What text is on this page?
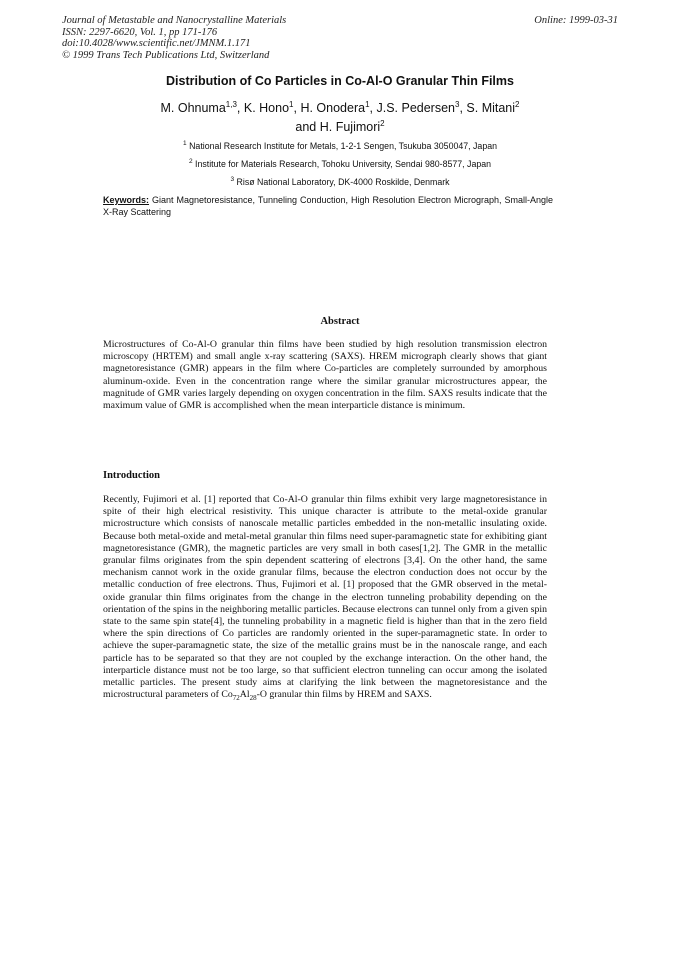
Journal of Metastable and Nanocrystalline Materials
ISSN: 2297-6620, Vol. 1, pp 171-176
doi:10.4028/www.scientific.net/JMNM.1.171
© 1999 Trans Tech Publications Ltd, Switzerland
Online: 1999-03-31
Distribution of Co Particles in Co-Al-O Granular Thin Films
M. Ohnuma$^{1,3}$, K. Hono$^1$, H. Onodera$^1$, J.S. Pedersen$^3$, S. Mitani$^2$
and H. Fujimori$^2$
$^1$ National Research Institute for Metals, 1-2-1 Sengen, Tsukuba 3050047, Japan
$^2$ Institute for Materials Research, Tohoku University, Sendai 980-8577, Japan
$^3$ Risø National Laboratory, DK-4000 Roskilde, Denmark
Keywords: Giant Magnetoresistance, Tunneling Conduction, High Resolution Electron Micrograph, Small-Angle X-Ray Scattering
Abstract
Microstructures of Co-Al-O granular thin films have been studied by high resolution transmission electron microscopy (HRTEM) and small angle x-ray scattering (SAXS). HREM micrograph clearly shows that giant magnetoresistance (GMR) appears in the film where Co-particles are completely surrounded by amorphous aluminum-oxide. Even in the concentration range where the similar granular microstructures appear, the magnitude of GMR varies largely depending on oxygen concentration in the film. SAXS results indicate that the maximum value of GMR is accomplished when the mean interparticle distance is minimum.
Introduction
Recently, Fujimori et al. [1] reported that Co-Al-O granular thin films exhibit very large magnetoresistance in spite of their high electrical resistivity. This unique character is attribute to the metal-oxide granular microstructure which consists of nanoscale metallic particles embedded in the non-metallic insulating oxide. Because both metal-oxide and metal-metal granular thin films need super-paramagnetic state for exhibiting giant magnetoresistance (GMR), the magnetic particles are very small in both cases[1,2]. The GMR in the metallic granular films originates from the spin dependent scattering of electrons [3,4]. On the other hand, the same mechanism cannot work in the oxide granular films, because the electron conduction does not occur by the metallic conduction of free electrons. Thus, Fujimori et al. [1] proposed that the GMR observed in the metal-oxide granular thin films originates from the change in the electron tunneling probability depending on the orientation of the spins in the neighboring metallic particles. Because electrons can tunnel only from a given spin state to the same spin state[4], the tunneling probability in a magnetic field is higher than that in the zero field where the spin directions of Co particles are randomly oriented in the super-paramagnetic state. In order to achieve the super-paramagnetic state, the size of the metallic grains must be in the nanoscale range, and each particle has to be separated so that they are not coupled by the exchange interaction. On the other hand, the interparticle distance must not be too large, so that sufficient electron tunneling can occur among the isolated metallic particles. The present study aims at clarifying the link between the magnetoresistance and the microstructural parameters of $Co_{72}Al_{28}-O$ granular thin films by HREM and SAXS.
